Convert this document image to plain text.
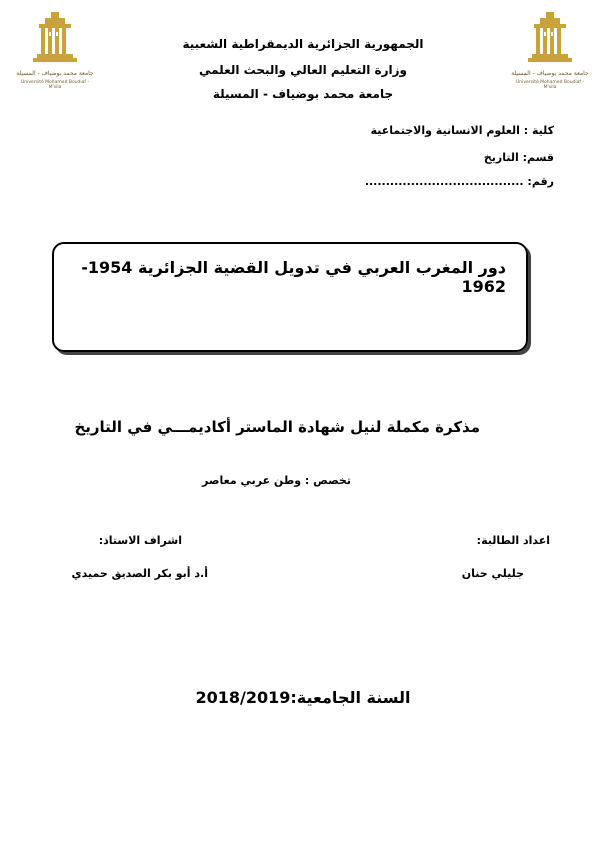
جامعة محمد بوضياف - المسيلة
Université Mohamed Boudiaf - M'sila
جامعة محمد بوضياف - المسيلة
Université Mohamed Boudiaf - M'sila
الجمهورية الجزائرية الديمقراطية الشعبية
وزارة التعليم العالي والبحث العلمي
جامعة محمد بوضياف - المسيلة
كلية : العلوم الانسانية والاجتماعية
قسم: التاريخ
رقم: ......................................
دور المغرب العربي في تدويل القضية الجزائرية 1954-1962
مذكرة مكملة لنيل شهادة الماستر أكاديمـــي في التاريخ
تخصص : وطن عربي معاصر
اعداد الطالبة:
جليلي حنان
اشراف الاستاذ:
أ.د أبو بكر الصديق حميدي
السنة الجامعية:2018/2019
